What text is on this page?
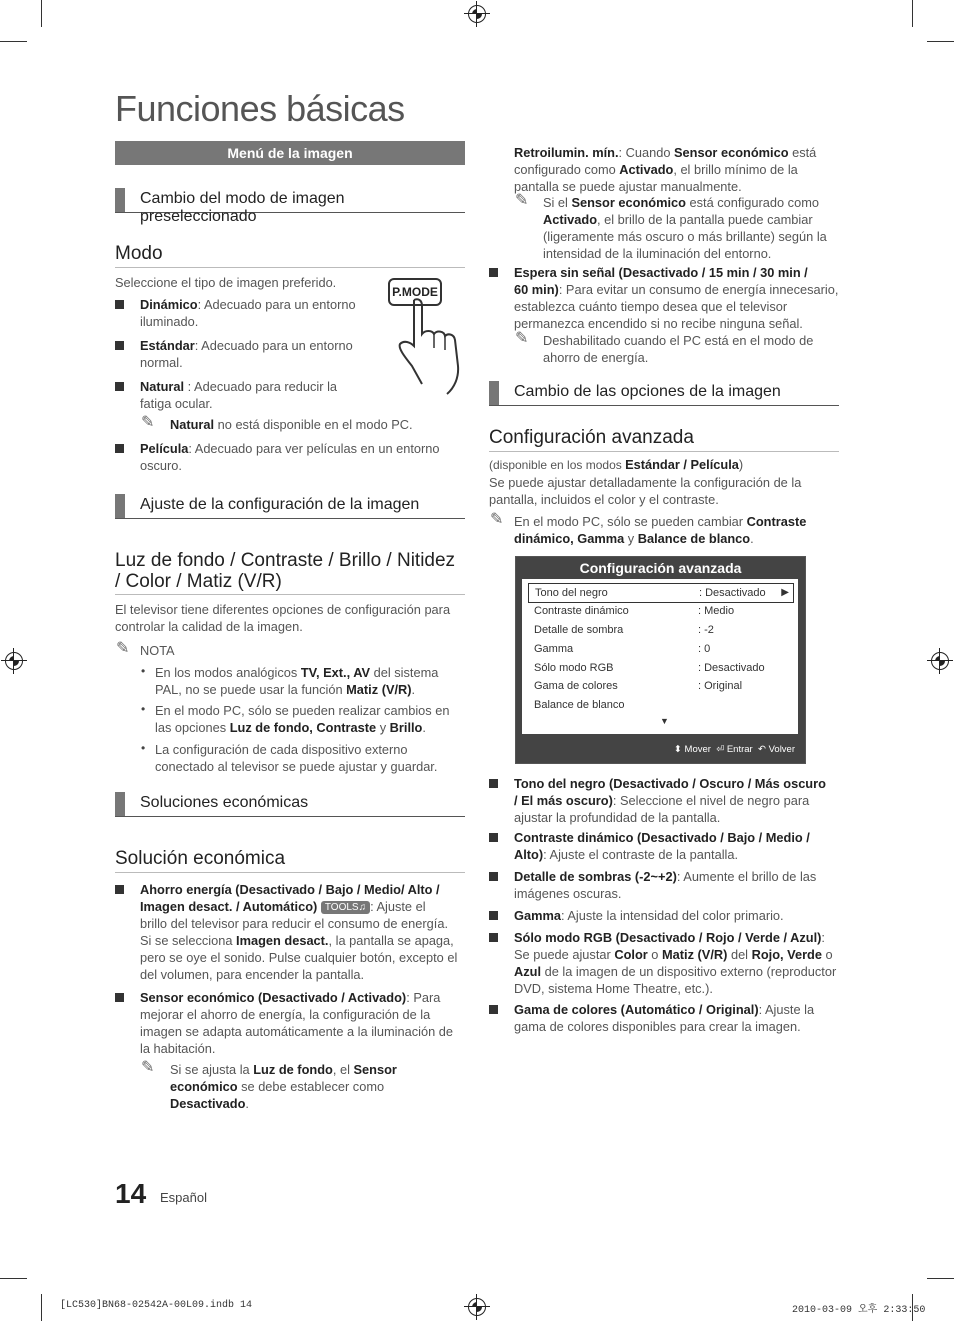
Funciones básicas
Menú de la imagen
Cambio del modo de imagen preseleccionado
Modo
Seleccione el tipo de imagen preferido.
P.MODE
Dinámico: Adecuado para un entorno
iluminado.
Estándar: Adecuado para un entorno
normal.
Natural : Adecuado para reducir la
fatiga ocular.
✎ Natural no está disponible en el modo PC.
Película: Adecuado para ver películas en un entorno
oscuro.
Ajuste de la configuración de la imagen
Luz de fondo / Contraste / Brillo / Nitidez
/ Color / Matiz (V/R)
El televisor tiene diferentes opciones de configuración para
controlar la calidad de la imagen.
✎ NOTA
• En los modos analógicos TV, Ext., AV del sistema
PAL, no se puede usar la función Matiz (V/R).
• En el modo PC, sólo se pueden realizar cambios en
las opciones Luz de fondo, Contraste y Brillo.
• La configuración de cada dispositivo externo
conectado al televisor se puede ajustar y guardar.
Soluciones económicas
Solución económica
Ahorro energía (Desactivado / Bajo / Medio/ Alto /
Imagen desact. / Automático) TOOLS♫ : Ajuste el
brillo del televisor para reducir el consumo de energía.
Si se selecciona Imagen desact., la pantalla se apaga,
pero se oye el sonido. Pulse cualquier botón, excepto el
del volumen, para encender la pantalla.
Sensor económico (Desactivado / Activado): Para
mejorar el ahorro de energía, la configuración de la
imagen se adapta automáticamente a la iluminación de
la habitación.
✎ Si se ajusta la Luz de fondo, el Sensor
económico se debe establecer como
Desactivado.
Retroilumin. mín.: Cuando Sensor económico está
configurado como Activado, el brillo mínimo de la
pantalla se puede ajustar manualmente.
✎ Si el Sensor económico está configurado como
Activado, el brillo de la pantalla puede cambiar
(ligeramente más oscuro o más brillante) según la
intensidad de la iluminación del entorno.
Espera sin señal (Desactivado / 15 min / 30 min /
60 min): Para evitar un consumo de energía innecesario,
establezca cuánto tiempo desea que el televisor
permanezca encendido si no recibe ninguna señal.
✎ Deshabilitado cuando el PC está en el modo de
ahorro de energía.
Cambio de las opciones de la imagen
Configuración avanzada
(disponible en los modos Estándar / Película)
Se puede ajustar detalladamente la configuración de la
pantalla, incluidos el color y el contraste.
✎ En el modo PC, sólo se pueden cambiar Contraste
dinámico, Gamma y Balance de blanco.
Configuración avanzada
Tono del negro	: Desactivado ▶
Contraste dinámico	: Medio
Detalle de sombra	: -2
Gamma	: 0
Sólo modo RGB	: Desactivado
Gama de colores	: Original
Balance de blanco
▼
⬍ Mover ⏎ Entrar ↶ Volver
Tono del negro (Desactivado / Oscuro / Más oscuro
/ El más oscuro): Seleccione el nivel de negro para
ajustar la profundidad de la pantalla.
Contraste dinámico (Desactivado / Bajo / Medio /
Alto): Ajuste el contraste de la pantalla.
Detalle de sombras (-2~+2): Aumente el brillo de las
imágenes oscuras.
Gamma: Ajuste la intensidad del color primario.
Sólo modo RGB (Desactivado / Rojo / Verde / Azul):
Se puede ajustar Color o Matiz (V/R) del Rojo, Verde o
Azul de la imagen de un dispositivo externo (reproductor
DVD, sistema Home Theatre, etc.).
Gama de colores (Automático / Original): Ajuste la
gama de colores disponibles para crear la imagen.
14 Español
[LC530]BN68-02542A-00L09.indb 14	2010-03-09 오후 2:33:50
